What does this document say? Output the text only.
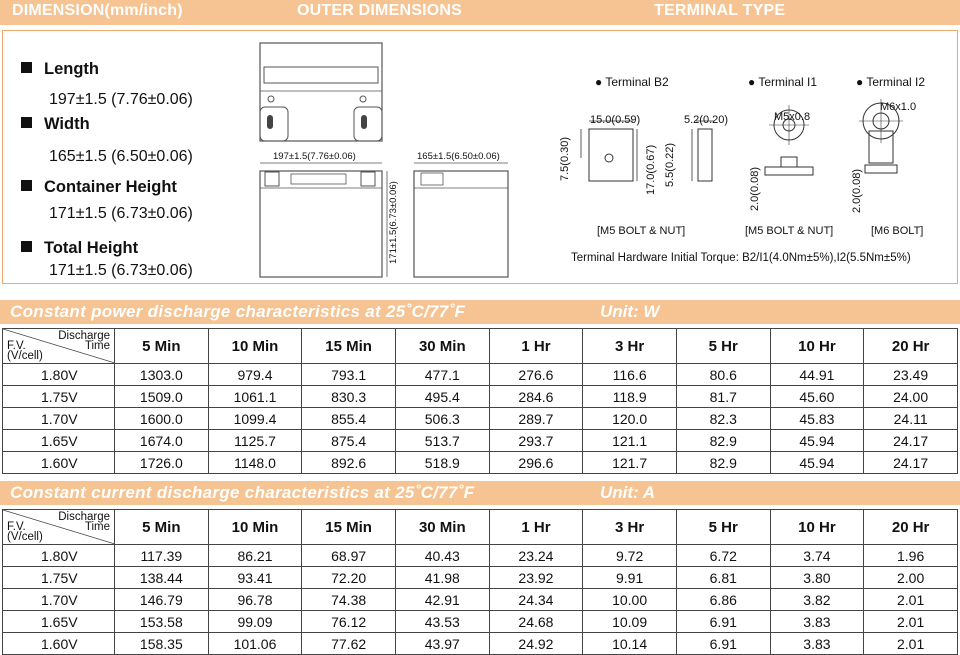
DIMENSION(mm/inch)	OUTER DIMENSIONS	TERMINAL TYPE
Length
197±1.5 (7.76±0.06)
Width
165±1.5 (6.50±0.06)
Container Height
171±1.5 (6.73±0.06)
Total Height
171±1.5 (6.73±0.06)
197±1.5(7.76±0.06)	165±1.5(6.50±0.06)
171±1.5(6.73±0.06)
● Terminal B2	● Terminal I1	● Terminal I2
15.0(0.59)	5.2(0.20)
7.5(0.30)	17.0(0.67) 5.5(0.22)
M5x0.8
2.0(0.08)
M6x1.0
2.0(0.08)
[M5 BOLT & NUT]	[M5 BOLT & NUT]	[M6 BOLT]
Terminal Hardware Initial Torque: B2/I1(4.0Nm±5%),I2(5.5Nm±5%)
Constant power discharge characteristics at 25˚C/77˚F	Unit: W
Discharge
Time
F.V.
(V/cell)	5 Min	10 Min	15 Min	30 Min	1 Hr	3 Hr	5 Hr	10 Hr	20 Hr
1.80V	1303.0	979.4	793.1	477.1	276.6	116.6	80.6	44.91	23.49
1.75V	1509.0	1061.1	830.3	495.4	284.6	118.9	81.7	45.60	24.00
1.70V	1600.0	1099.4	855.4	506.3	289.7	120.0	82.3	45.83	24.11
1.65V	1674.0	1125.7	875.4	513.7	293.7	121.1	82.9	45.94	24.17
1.60V	1726.0	1148.0	892.6	518.9	296.6	121.7	82.9	45.94	24.17
Constant current discharge characteristics at 25˚C/77˚F	Unit: A
Discharge
Time
F.V.
(V/cell)	5 Min	10 Min	15 Min	30 Min	1 Hr	3 Hr	5 Hr	10 Hr	20 Hr
1.80V	117.39	86.21	68.97	40.43	23.24	9.72	6.72	3.74	1.96
1.75V	138.44	93.41	72.20	41.98	23.92	9.91	6.81	3.80	2.00
1.70V	146.79	96.78	74.38	42.91	24.34	10.00	6.86	3.82	2.01
1.65V	153.58	99.09	76.12	43.53	24.68	10.09	6.91	3.83	2.01
1.60V	158.35	101.06	77.62	43.97	24.92	10.14	6.91	3.83	2.01
